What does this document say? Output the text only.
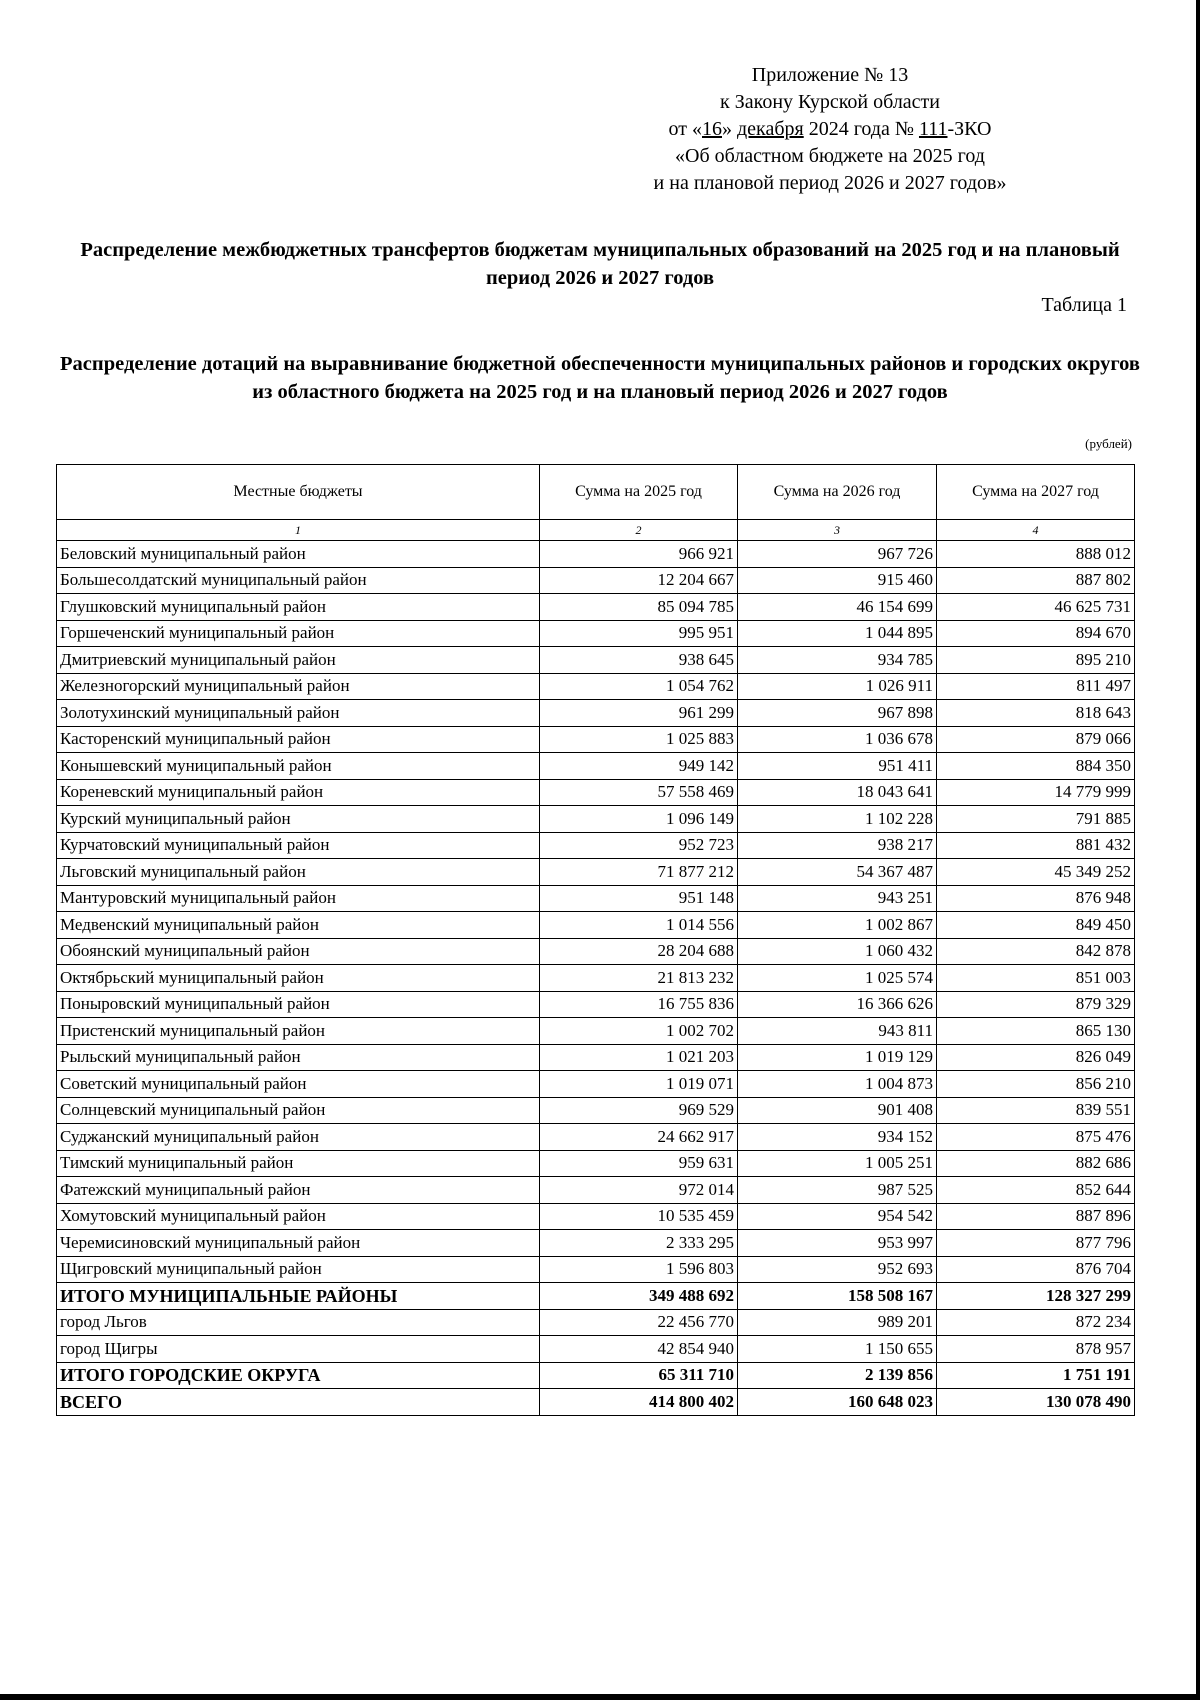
Приложение № 13
к Закону Курской области
от «16» декабря 2024 года № 111-ЗКО
«Об областном бюджете на 2025 год
и на плановой период 2026 и 2027 годов»
Распределение межбюджетных трансфертов бюджетам муниципальных образований на 2025 год и на плановый период 2026 и 2027 годов
Таблица 1
Распределение дотаций на выравнивание бюджетной обеспеченности муниципальных районов и городских округов из областного бюджета на 2025 год и на плановый период 2026 и 2027 годов
(рублей)
Местные бюджеты	Сумма на 2025 год	Сумма на 2026 год	Сумма на 2027 год
1	2	3	4
Беловский муниципальный район	966 921	967 726	888 012
Большесолдатский муниципальный район	12 204 667	915 460	887 802
Глушковский муниципальный район	85 094 785	46 154 699	46 625 731
Горшеченский муниципальный район	995 951	1 044 895	894 670
Дмитриевский муниципальный район	938 645	934 785	895 210
Железногорский муниципальный район	1 054 762	1 026 911	811 497
Золотухинский муниципальный район	961 299	967 898	818 643
Касторенский муниципальный район	1 025 883	1 036 678	879 066
Конышевский муниципальный район	949 142	951 411	884 350
Кореневский муниципальный район	57 558 469	18 043 641	14 779 999
Курский муниципальный район	1 096 149	1 102 228	791 885
Курчатовский муниципальный район	952 723	938 217	881 432
Льговский муниципальный район	71 877 212	54 367 487	45 349 252
Мантуровский муниципальный район	951 148	943 251	876 948
Медвенский муниципальный район	1 014 556	1 002 867	849 450
Обоянский муниципальный район	28 204 688	1 060 432	842 878
Октябрьский муниципальный район	21 813 232	1 025 574	851 003
Поныровский муниципальный район	16 755 836	16 366 626	879 329
Пристенский муниципальный район	1 002 702	943 811	865 130
Рыльский муниципальный район	1 021 203	1 019 129	826 049
Советский муниципальный район	1 019 071	1 004 873	856 210
Солнцевский муниципальный район	969 529	901 408	839 551
Суджанский муниципальный район	24 662 917	934 152	875 476
Тимский муниципальный район	959 631	1 005 251	882 686
Фатежский муниципальный район	972 014	987 525	852 644
Хомутовский муниципальный район	10 535 459	954 542	887 896
Черемисиновский муниципальный район	2 333 295	953 997	877 796
Щигровский муниципальный район	1 596 803	952 693	876 704
ИТОГО МУНИЦИПАЛЬНЫЕ РАЙОНЫ	349 488 692	158 508 167	128 327 299
город Льгов	22 456 770	989 201	872 234
город Щигры	42 854 940	1 150 655	878 957
ИТОГО ГОРОДСКИЕ ОКРУГА	65 311 710	2 139 856	1 751 191
ВСЕГО	414 800 402	160 648 023	130 078 490
